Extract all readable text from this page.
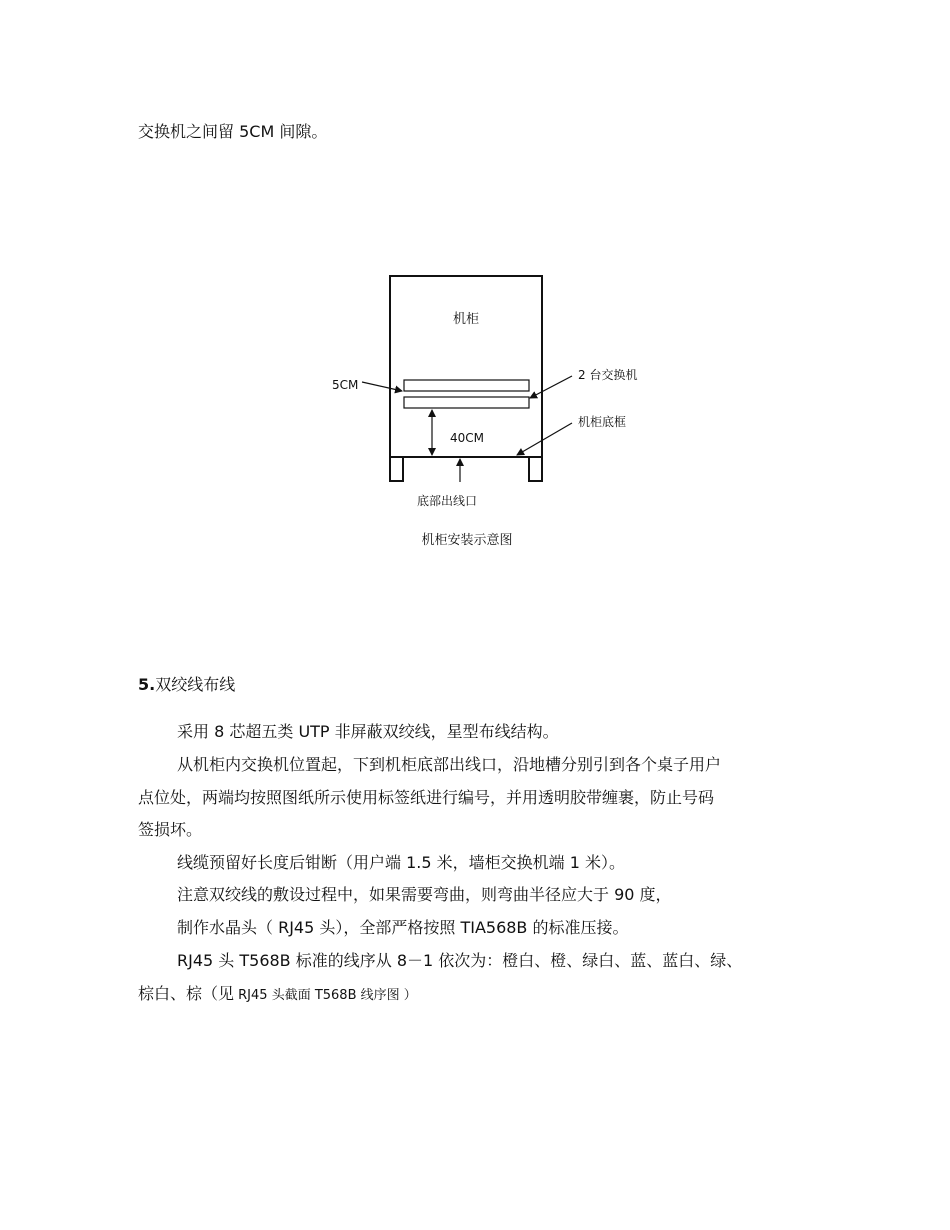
交换机之间留 5CM 间隙。

机柜
5CM
2 台交换机
机柜底框
40CM
底部出线口
机柜安装示意图

5.双绞线布线

采用 8 芯超五类 UTP 非屏蔽双绞线，星型布线结构。

从机柜内交换机位置起，下到机柜底部出线口，沿地槽分别引到各个桌子用户

点位处，两端均按照图纸所示使用标签纸进行编号，并用透明胶带缠裹，防止号码

签损坏。

线缆预留好长度后钳断（用户端 1.5 米，墙柜交换机端 1 米）。

注意双绞线的敷设过程中，如果需要弯曲，则弯曲半径应大于 90 度，

制作水晶头（ RJ45 头），全部严格按照 TIA568B 的标准压接。

RJ45 头 T568B 标准的线序从 8－1 依次为：橙白、橙、绿白、蓝、蓝白、绿、

棕白、棕（见 RJ45 头截面 T568B 线序图 ）
